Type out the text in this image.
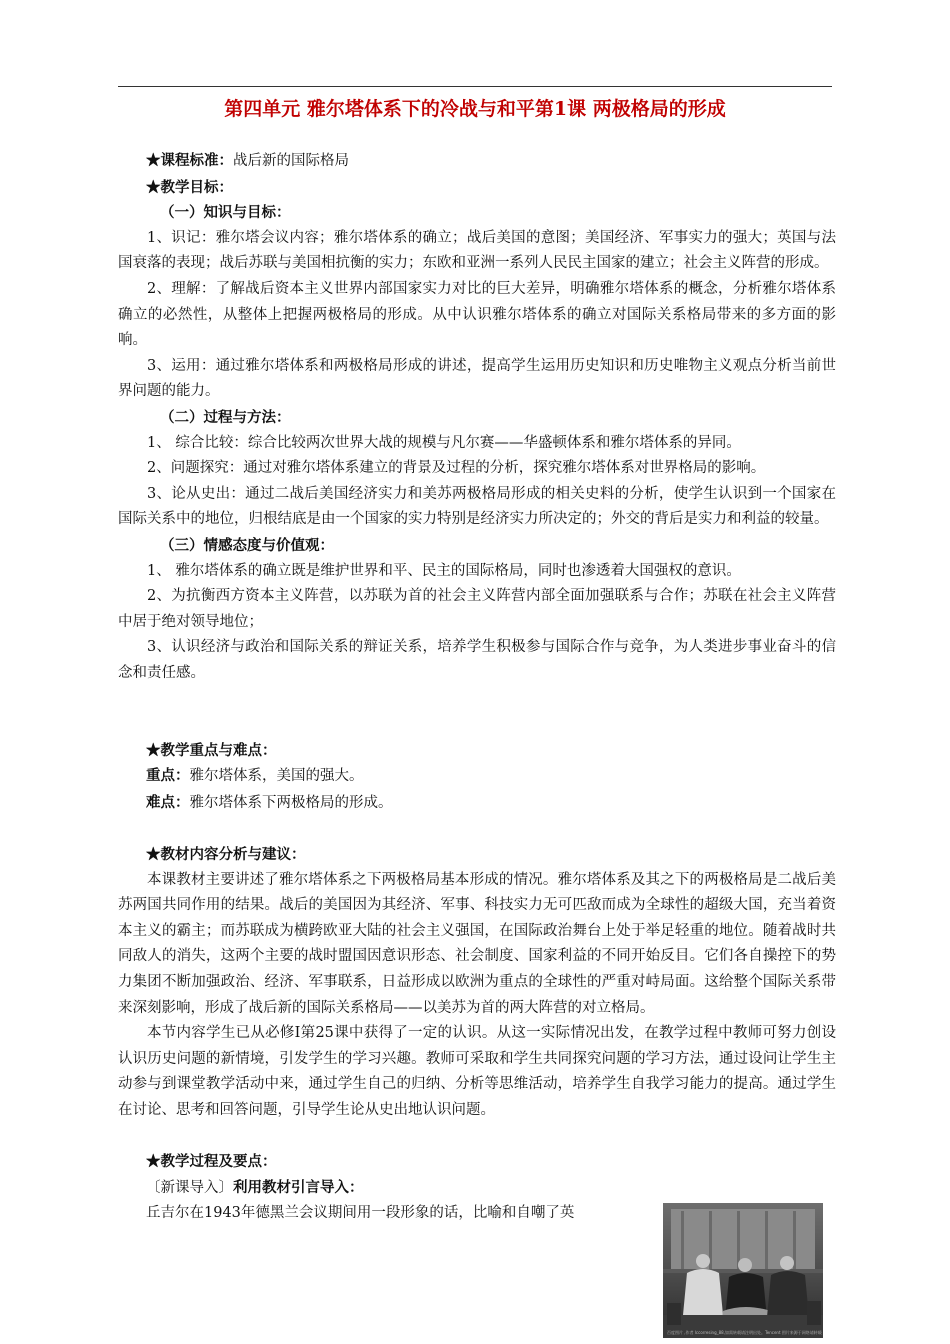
第四单元 雅尔塔体系下的冷战与和平第1课 两极格局的形成

★课程标准：战后新的国际格局

★教学目标：

（一）知识与目标：

1、识记：雅尔塔会议内容；雅尔塔体系的确立；战后美国的意图；美国经济、军事实力的强大；英国与法国衰落的表现；战后苏联与美国相抗衡的实力；东欧和亚洲一系列人民民主国家的建立；社会主义阵营的形成。

2、理解：了解战后资本主义世界内部国家实力对比的巨大差异，明确雅尔塔体系的概念，分析雅尔塔体系确立的必然性，从整体上把握两极格局的形成。从中认识雅尔塔体系的确立对国际关系格局带来的多方面的影响。

3、运用：通过雅尔塔体系和两极格局形成的讲述，提高学生运用历史知识和历史唯物主义观点分析当前世界问题的能力。

（二）过程与方法：

1、 综合比较：综合比较两次世界大战的规模与凡尔赛——华盛顿体系和雅尔塔体系的异同。

2、问题探究：通过对雅尔塔体系建立的背景及过程的分析，探究雅尔塔体系对世界格局的影响。

3、论从史出：通过二战后美国经济实力和美苏两极格局形成的相关史料的分析，使学生认识到一个国家在国际关系中的地位，归根结底是由一个国家的实力特别是经济实力所决定的；外交的背后是实力和利益的较量。

（三）情感态度与价值观：

1、 雅尔塔体系的确立既是维护世界和平、民主的国际格局，同时也渗透着大国强权的意识。

2、为抗衡西方资本主义阵营，以苏联为首的社会主义阵营内部全面加强联系与合作；苏联在社会主义阵营中居于绝对领导地位；

3、认识经济与政治和国际关系的辩证关系，培养学生积极参与国际合作与竞争，为人类进步事业奋斗的信念和责任感。

★教学重点与难点：

重点：雅尔塔体系，美国的强大。

难点：雅尔塔体系下两极格局的形成。

★教材内容分析与建议：

本课教材主要讲述了雅尔塔体系之下两极格局基本形成的情况。雅尔塔体系及其之下的两极格局是二战后美苏两国共同作用的结果。战后的美国因为其经济、军事、科技实力无可匹敌而成为全球性的超级大国，充当着资本主义的霸主；而苏联成为横跨欧亚大陆的社会主义强国，在国际政治舞台上处于举足轻重的地位。随着战时共同敌人的消失，这两个主要的战时盟国因意识形态、社会制度、国家利益的不同开始反目。它们各自操控下的势力集团不断加强政治、经济、军事联系，日益形成以欧洲为重点的全球性的严重对峙局面。这给整个国际关系带来深刻影响，形成了战后新的国际关系格局——以美苏为首的两大阵营的对立格局。

本节内容学生已从必修Ⅰ第25课中获得了一定的认识。从这一实际情况出发，在教学过程中教师可努力创设认识历史问题的新情境，引发学生的学习兴趣。教师可采取和学生共同探究问题的学习方法，通过设问让学生主动参与到课堂教学活动中来，通过学生自己的归纳、分析等思维活动，培养学生自我学习能力的提高。通过学生在讨论、思考和回答问题，引导学生论从史出地认识问题。

★教学过程及要点：

〔新课导入〕利用教材引言导入：

丘吉尔在1943年德黑兰会议期间用一段形象的话，比喻和自嘲了英

百度图片 ,作者 lccorresing_88,如需转载请注明出处。Tencent 图片来源于网络请转载
